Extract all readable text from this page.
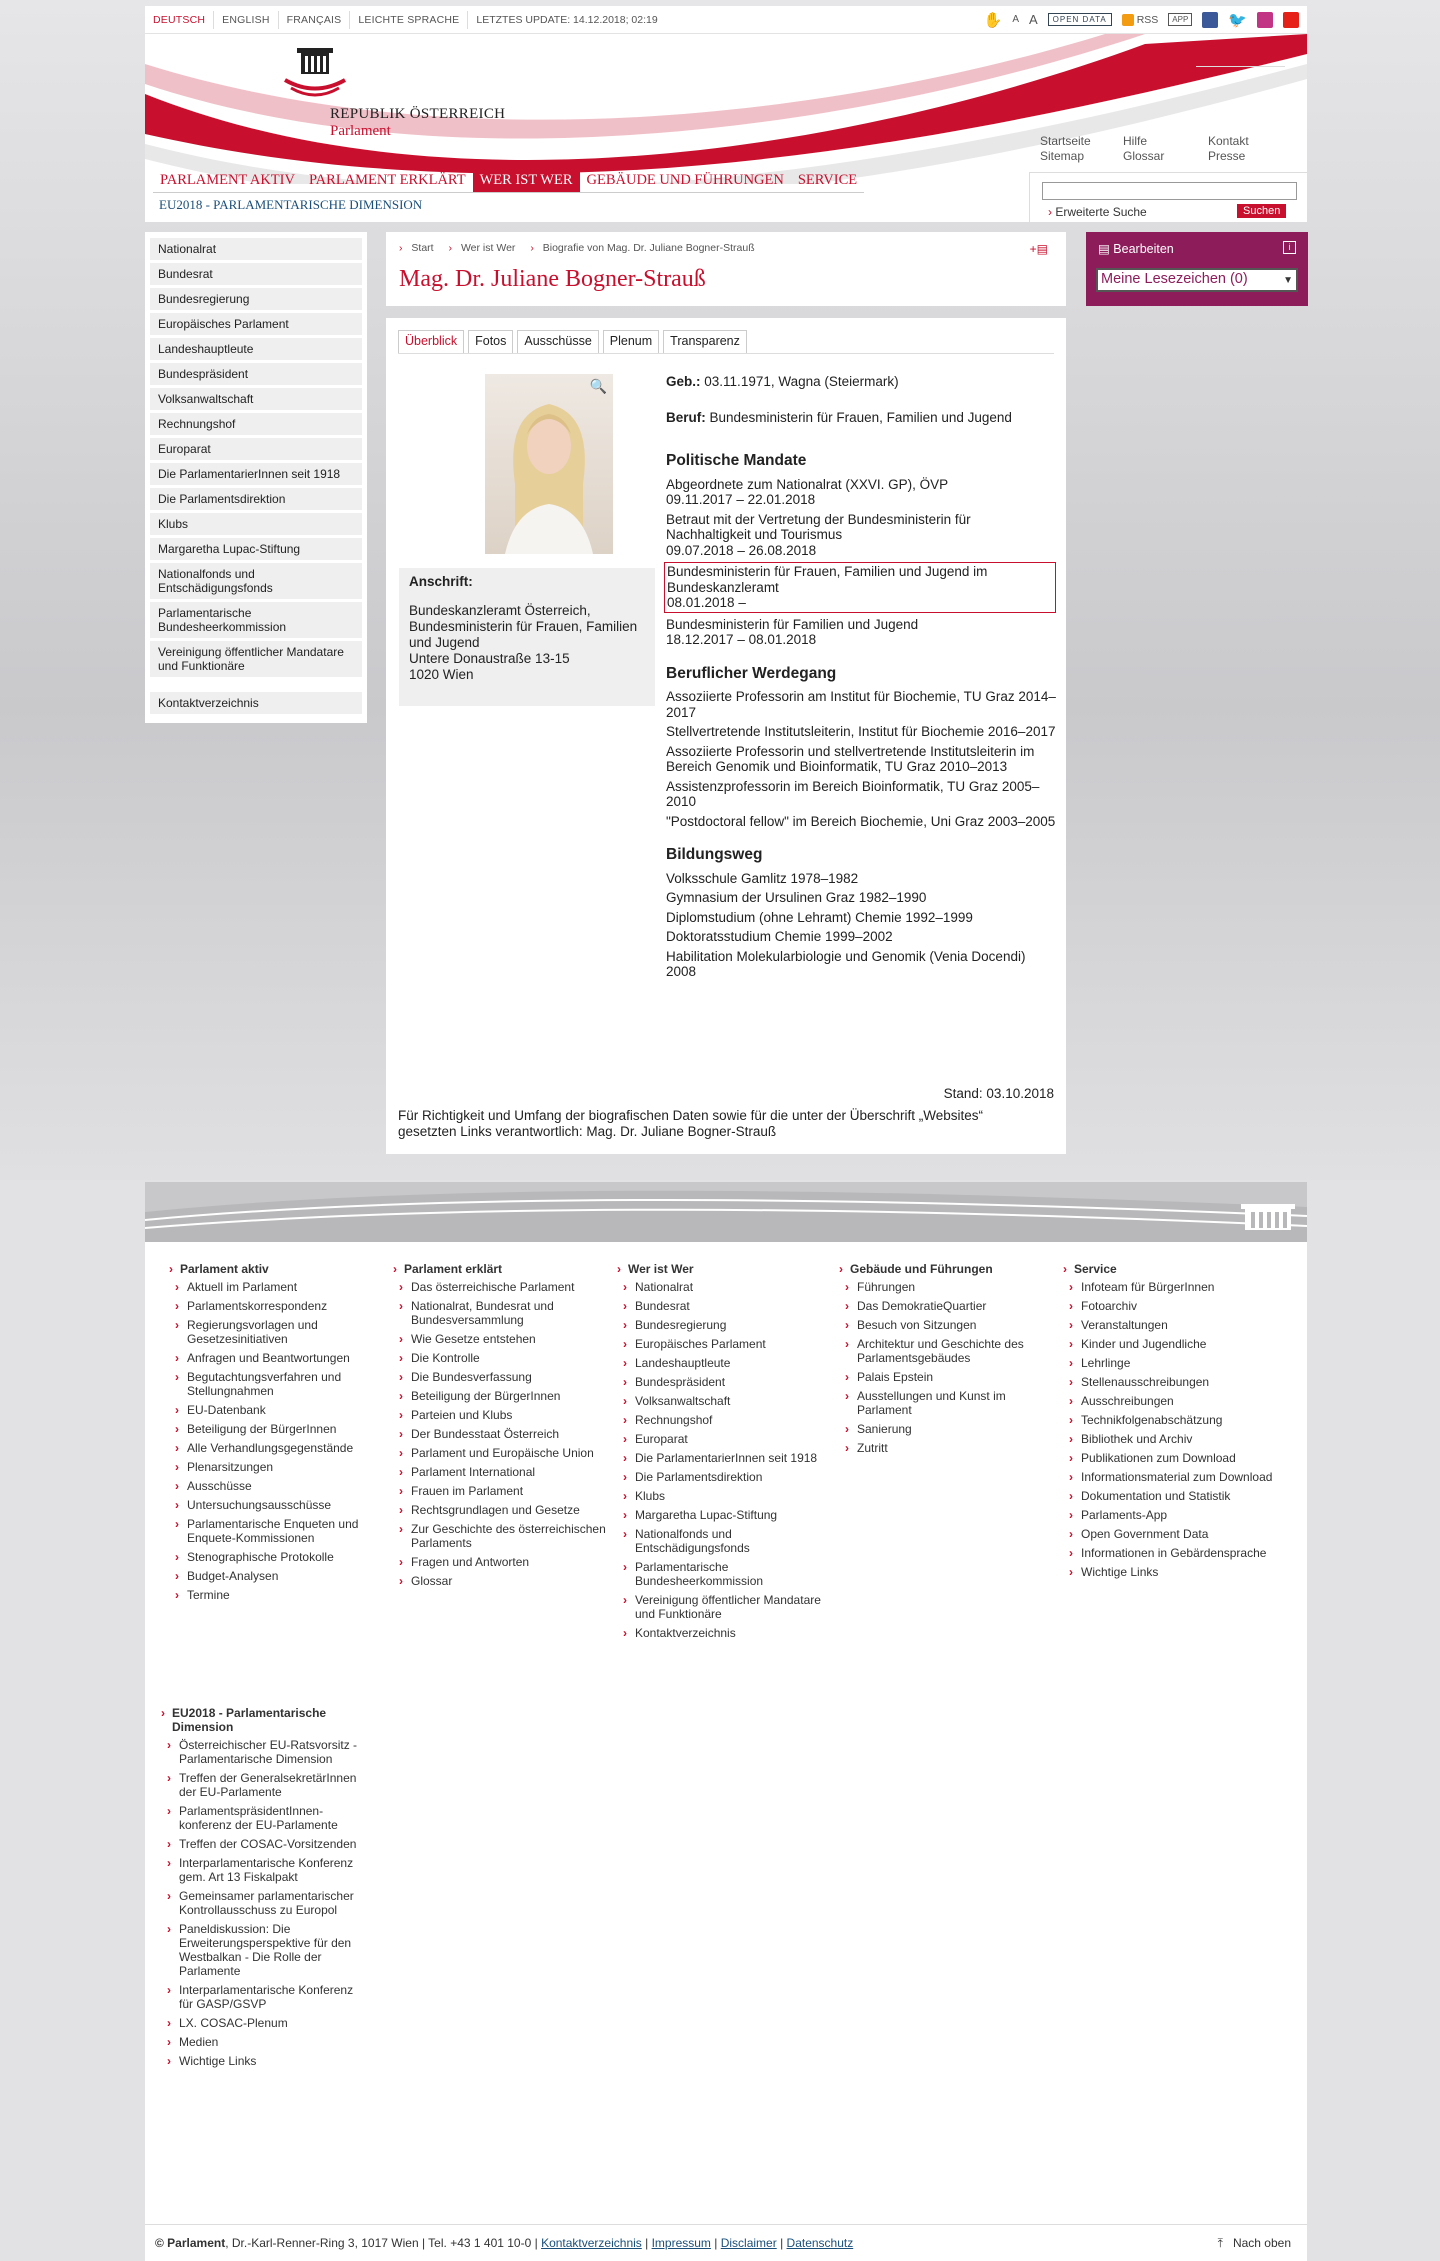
DEUTSCH	ENGLISH	FRANÇAIS	LEICHTE SPRACHE	LETZTES UPDATE: 14.12.2018; 02:19	✋ A A	OPEN DATA	RSS	APP	🐦
REPUBLIK ÖSTERREICH
Parlament
› Anmelden
Startseite	Hilfe	Kontakt
Sitemap	Glossar	Presse
PARLAMENT AKTIV PARLAMENT ERKLÄRT WER IST WER GEBÄUDE UND FÜHRUNGEN SERVICE
EU2018 - PARLAMENTARISCHE DIMENSION	› Erweiterte Suche	Suchen
Nationalrat
Bundesrat
Bundesregierung
Europäisches Parlament
Landeshauptleute
Bundespräsident
Volksanwaltschaft
Rechnungshof
Europarat
Die ParlamentarierInnen seit 1918
Die Parlamentsdirektion
Klubs
Margaretha Lupac-Stiftung
Nationalfonds und Entschädigungsfonds
Parlamentarische Bundesheerkommission
Vereinigung öffentlicher Mandatare und Funktionäre
Kontaktverzeichnis
› Start › Wer ist Wer › Biografie von Mag. Dr. Juliane Bogner-Strauß	+▤
Mag. Dr. Juliane Bogner-Strauß
Überblick	Fotos	Ausschüsse	Plenum	Transparenz
🔍
Anschrift:
Bundeskanzleramt Österreich, Bundesministerin für Frauen, Familien und Jugend
Untere Donaustraße 13-15
1020 Wien
Geb.: 03.11.1971, Wagna (Steiermark)
Beruf: Bundesministerin für Frauen, Familien und Jugend
Politische Mandate
Abgeordnete zum Nationalrat (XXVI. GP), ÖVP
09.11.2017 – 22.01.2018
Betraut mit der Vertretung der Bundesministerin für Nachhaltigkeit und Tourismus
09.07.2018 – 26.08.2018
Bundesministerin für Frauen, Familien und Jugend im Bundeskanzleramt
08.01.2018 –
Bundesministerin für Familien und Jugend
18.12.2017 – 08.01.2018
Beruflicher Werdegang
Assoziierte Professorin am Institut für Biochemie, TU Graz 2014–2017
Stellvertretende Institutsleiterin, Institut für Biochemie 2016–2017
Assoziierte Professorin und stellvertretende Institutsleiterin im Bereich Genomik und Bioinformatik, TU Graz 2010–2013
Assistenzprofessorin im Bereich Bioinformatik, TU Graz 2005–2010
"Postdoctoral fellow" im Bereich Biochemie, Uni Graz 2003–2005
Bildungsweg
Volksschule Gamlitz 1978–1982
Gymnasium der Ursulinen Graz 1982–1990
Diplomstudium (ohne Lehramt) Chemie 1992–1999
Doktoratsstudium Chemie 1999–2002
Habilitation Molekularbiologie und Genomik (Venia Docendi) 2008
Stand: 03.10.2018
Für Richtigkeit und Umfang der biografischen Daten sowie für die unter der Überschrift „Websites“ gesetzten Links verantwortlich: Mag. Dr. Juliane Bogner-Strauß
▤ Bearbeiten	i
Meine Lesezeichen (0)	▼
› Parlament aktiv
› Aktuell im Parlament
› Parlamentskorrespondenz
› Regierungsvorlagen und Gesetzesinitiativen
› Anfragen und Beantwortungen
› Begutachtungsverfahren und Stellungnahmen
› EU-Datenbank
› Beteiligung der BürgerInnen
› Alle Verhandlungsgegenstände
› Plenarsitzungen
› Ausschüsse
› Untersuchungsausschüsse
› Parlamentarische Enqueten und Enquete-Kommissionen
› Stenographische Protokolle
› Budget-Analysen
› Termine
› Parlament erklärt
› Das österreichische Parlament
› Nationalrat, Bundesrat und Bundesversammlung
› Wie Gesetze entstehen
› Die Kontrolle
› Die Bundesverfassung
› Beteiligung der BürgerInnen
› Parteien und Klubs
› Der Bundesstaat Österreich
› Parlament und Europäische Union
› Parlament International
› Frauen im Parlament
› Rechtsgrundlagen und Gesetze
› Zur Geschichte des österreichischen Parlaments
› Fragen und Antworten
› Glossar
› Wer ist Wer
› Nationalrat
› Bundesrat
› Bundesregierung
› Europäisches Parlament
› Landeshauptleute
› Bundespräsident
› Volksanwaltschaft
› Rechnungshof
› Europarat
› Die ParlamentarierInnen seit 1918
› Die Parlamentsdirektion
› Klubs
› Margaretha Lupac-Stiftung
› Nationalfonds und Entschädigungsfonds
› Parlamentarische Bundesheerkommission
› Vereinigung öffentlicher Mandatare und Funktionäre
› Kontaktverzeichnis
› Gebäude und Führungen
› Führungen
› Das DemokratieQuartier
› Besuch von Sitzungen
› Architektur und Geschichte des Parlamentsgebäudes
› Palais Epstein
› Ausstellungen und Kunst im Parlament
› Sanierung
› Zutritt
› Service
› Infoteam für BürgerInnen
› Fotoarchiv
› Veranstaltungen
› Kinder und Jugendliche
› Lehrlinge
› Stellenausschreibungen
› Ausschreibungen
› Technikfolgenabschätzung
› Bibliothek und Archiv
› Publikationen zum Download
› Informationsmaterial zum Download
› Dokumentation und Statistik
› Parlaments-App
› Open Government Data
› Informationen in Gebärdensprache
› Wichtige Links
› EU2018 - Parlamentarische Dimension
› Österreichischer EU-Ratsvorsitz - Parlamentarische Dimension
› Treffen der GeneralsekretärInnen der EU-Parlamente
› ParlamentspräsidentInnen-konferenz der EU-Parlamente
› Treffen der COSAC-Vorsitzenden
› Interparlamentarische Konferenz gem. Art 13 Fiskalpakt
› Gemeinsamer parlamentarischer Kontrollausschuss zu Europol
› Paneldiskussion: Die Erweiterungsperspektive für den Westbalkan - Die Rolle der Parlamente
› Interparlamentarische Konferenz für GASP/GSVP
› LX. COSAC-Plenum
› Medien
› Wichtige Links
© Parlament, Dr.-Karl-Renner-Ring 3, 1017 Wien | Tel. +43 1 401 10-0 | Kontaktverzeichnis | Impressum | Disclaimer | Datenschutz	⤒ Nach oben
